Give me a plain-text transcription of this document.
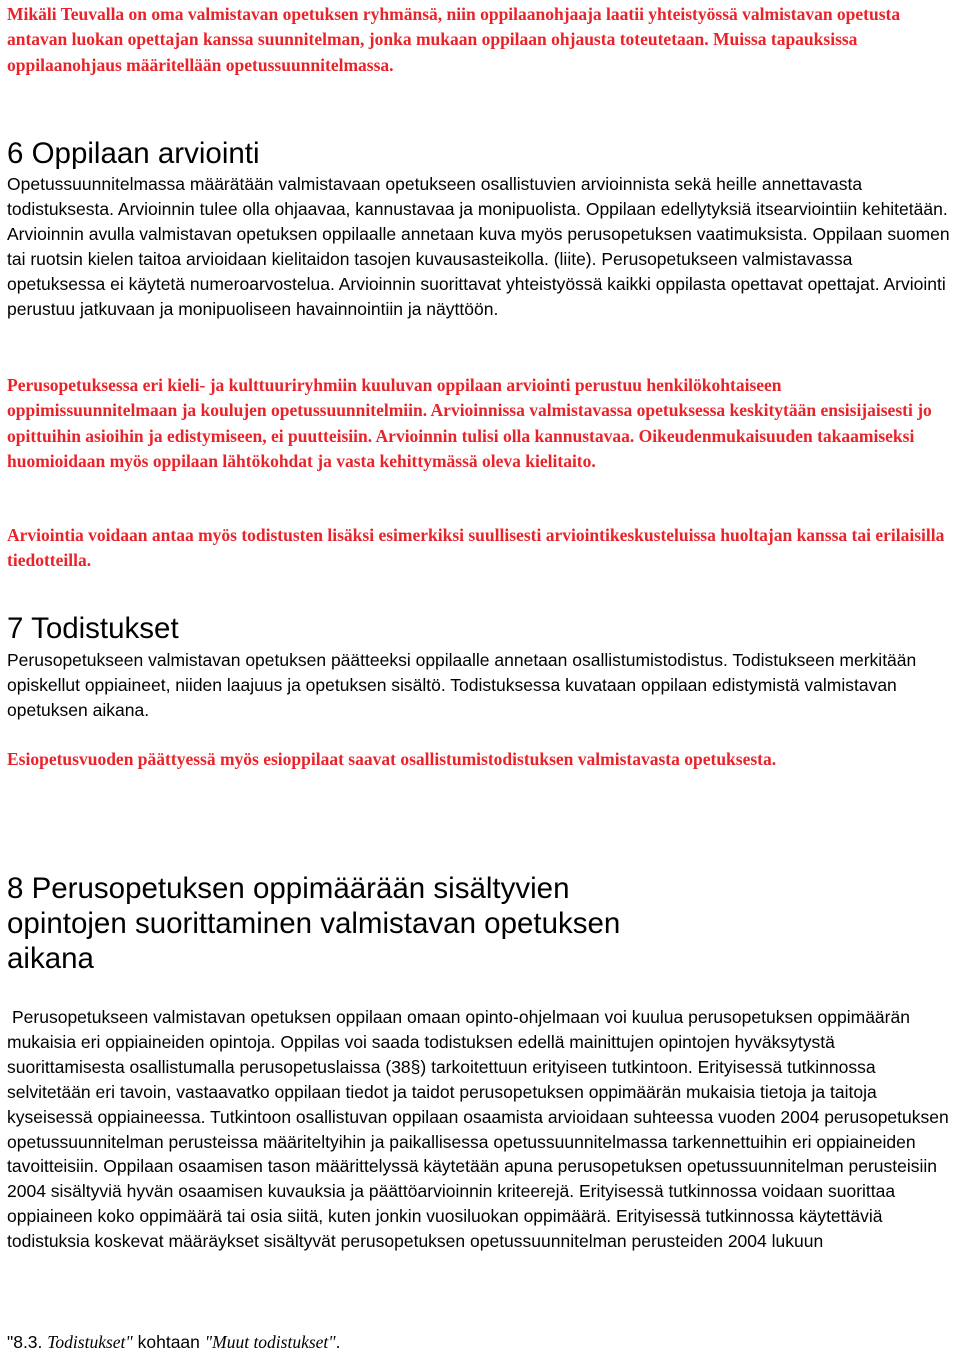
Mikäli Teuvalla on oma valmistavan opetuksen ryhmänsä, niin oppilaanohjaaja laatii yhteistyössä valmistavan opetusta antavan luokan opettajan kanssa suunnitelman, jonka mukaan oppilaan ohjausta toteutetaan. Muissa tapauksissa oppilaanohjaus määritellään opetussuunnitelmassa.

6 Oppilaan arviointi

Opetussuunnitelmassa määrätään valmistavaan opetukseen osallistuvien arvioinnista sekä heille annettavasta todistuksesta. Arvioinnin tulee olla ohjaavaa, kannustavaa ja monipuolista. Oppilaan edellytyksiä itsearviointiin kehitetään. Arvioinnin avulla valmistavan opetuksen oppilaalle annetaan kuva myös perusopetuksen vaatimuksista. Oppilaan suomen tai ruotsin kielen taitoa arvioidaan kielitaidon tasojen kuvausasteikolla. (liite). Perusopetukseen valmistavassa opetuksessa ei käytetä numeroarvostelua. Arvioinnin suorittavat yhteistyössä kaikki oppilasta opettavat opettajat. Arviointi perustuu jatkuvaan ja monipuoliseen havainnointiin ja näyttöön.

Perusopetuksessa eri kieli- ja kulttuuriryhmiin kuuluvan oppilaan arviointi perustuu henkilökohtaiseen oppimissuunnitelmaan ja koulujen opetussuunnitelmiin. Arvioinnissa valmistavassa opetuksessa keskitytään ensisijaisesti jo opittuihin asioihin ja edistymiseen, ei puutteisiin. Arvioinnin tulisi olla kannustavaa. Oikeudenmukaisuuden takaamiseksi huomioidaan myös oppilaan lähtökohdat ja vasta kehittymässä oleva kielitaito.

Arviointia voidaan antaa myös todistusten lisäksi esimerkiksi suullisesti arviointikeskusteluissa huoltajan kanssa tai erilaisilla tiedotteilla.

7 Todistukset

Perusopetukseen valmistavan opetuksen päätteeksi oppilaalle annetaan osallistumistodistus. Todistukseen merkitään opiskellut oppiaineet, niiden laajuus ja opetuksen sisältö. Todistuksessa kuvataan oppilaan edistymistä valmistavan opetuksen aikana.

Esiopetusvuoden päättyessä myös esioppilaat saavat osallistumistodistuksen valmistavasta opetuksesta.

8 Perusopetuksen oppimäärään sisältyvien opintojen suorittaminen valmistavan opetuksen aikana

Perusopetukseen valmistavan opetuksen oppilaan omaan opinto-ohjelmaan voi kuulua perusopetuksen oppimäärän mukaisia eri oppiaineiden opintoja. Oppilas voi saada todistuksen edellä mainittujen opintojen hyväksytystä suorittamisesta osallistumalla perusopetuslaissa (38§) tarkoitettuun erityiseen tutkintoon. Erityisessä tutkinnossa selvitetään eri tavoin, vastaavatko oppilaan tiedot ja taidot perusopetuksen oppimäärän mukaisia tietoja ja taitoja kyseisessä oppiaineessa. Tutkintoon osallistuvan oppilaan osaamista arvioidaan suhteessa vuoden 2004 perusopetuksen opetussuunnitelman perusteissa määriteltyihin ja paikallisessa opetussuunnitelmassa tarkennettuihin eri oppiaineiden tavoitteisiin. Oppilaan osaamisen tason määrittelyssä käytetään apuna perusopetuksen opetussuunnitelman perusteisiin 2004 sisältyviä hyvän osaamisen kuvauksia ja päättöarvioinnin kriteerejä. Erityisessä tutkinnossa voidaan suorittaa oppiaineen koko oppimäärä tai osia siitä, kuten jonkin vuosiluokan oppimäärä. Erityisessä tutkinnossa käytettäviä todistuksia koskevat määräykset sisältyvät perusopetuksen opetussuunnitelman perusteiden 2004 lukuun

"8.3. Todistukset" kohtaan "Muut todistukset".
